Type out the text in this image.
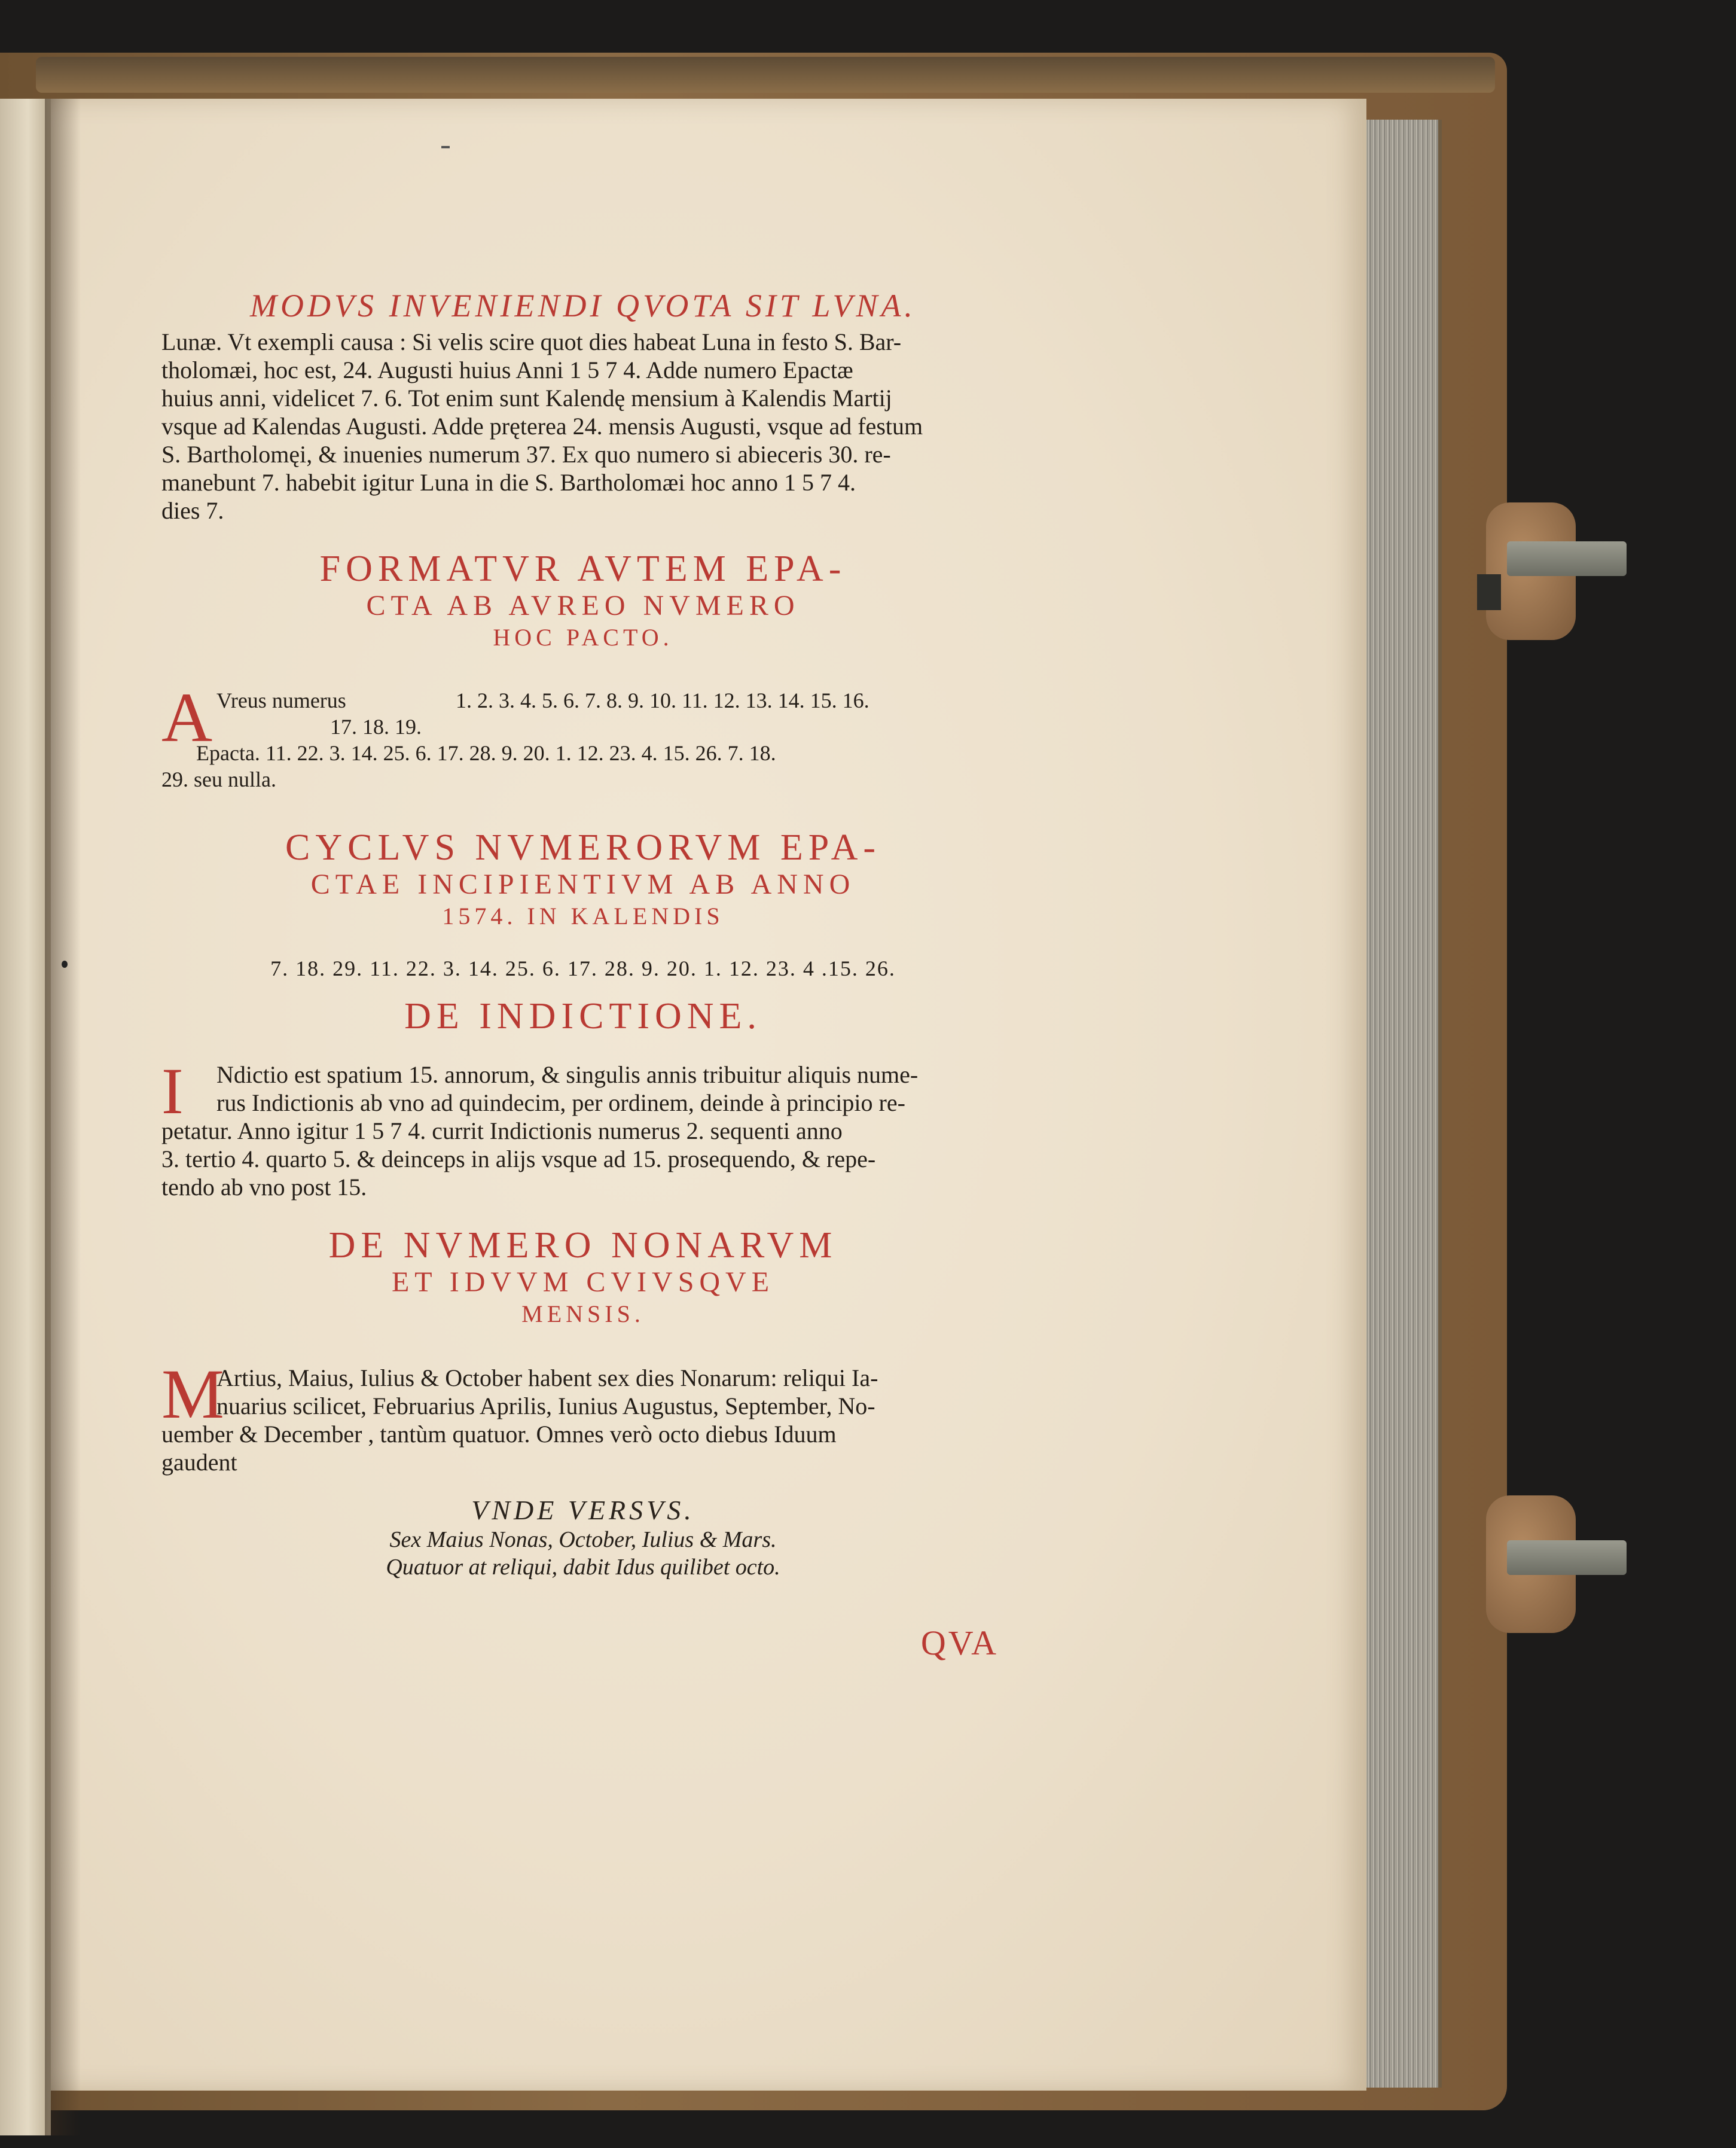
MODVS INVENIENDI QVOTA SIT LVNA.
Lunæ. Vt exempli causa : Si velis scire quot dies habeat Luna in festo S. Bar-
tholomæi, hoc est, 24. Augusti huius Anni 1 5 7 4. Adde numero Epactæ
huius anni, videlicet 7. 6. Tot enim sunt Kalendę mensium à Kalendis Martij
vsque ad Kalendas Augusti. Adde pręterea 24. mensis Augusti, vsque ad festum
S. Bartholomęi, & inuenies numerum 37. Ex quo numero si abieceris 30. re-
manebunt 7. habebit igitur Luna in die S. Bartholomæi hoc anno 1 5 7 4.
dies 7.
FORMATVR AVTEM EPA-
CTA AB AVREO NVMERO
HOC PACTO.
A Vreus numerus	1. 2. 3. 4. 5. 6. 7. 8. 9. 10. 11. 12. 13. 14. 15. 16.
17. 18. 19.
Epacta. 11. 22. 3. 14. 25. 6. 17. 28. 9. 20. 1. 12. 23. 4. 15. 26. 7. 18.
29. seu nulla.
CYCLVS NVMERORVM EPA-
CTAE INCIPIENTIVM AB ANNO
1574. IN KALENDIS
7. 18. 29. 11. 22. 3. 14. 25. 6. 17. 28. 9. 20. 1. 12. 23. 4 .15. 26.
DE INDICTIONE.
I Ndictio est spatium 15. annorum, & singulis annis tribuitur aliquis nume-
rus Indictionis ab vno ad quindecim, per ordinem, deinde à principio re-
petatur. Anno igitur 1 5 7 4. currit Indictionis numerus 2. sequenti anno
3. tertio 4. quarto 5. & deinceps in alijs vsque ad 15. prosequendo, & repe-
tendo ab vno post 15.
DE NVMERO NONARVM
ET IDVVM CVIVSQVE
MENSIS.
M
Artius, Maius, Iulius & October habent sex dies Nonarum: reliqui Ia-
nuarius scilicet, Februarius Aprilis, Iunius Augustus, September, No-
uember & December , tantùm quatuor. Omnes verò octo diebus Iduum
gaudent
VNDE VERSVS.
Sex Maius Nonas, October, Iulius & Mars.
Quatuor at reliqui, dabit Idus quilibet octo.
QVA
